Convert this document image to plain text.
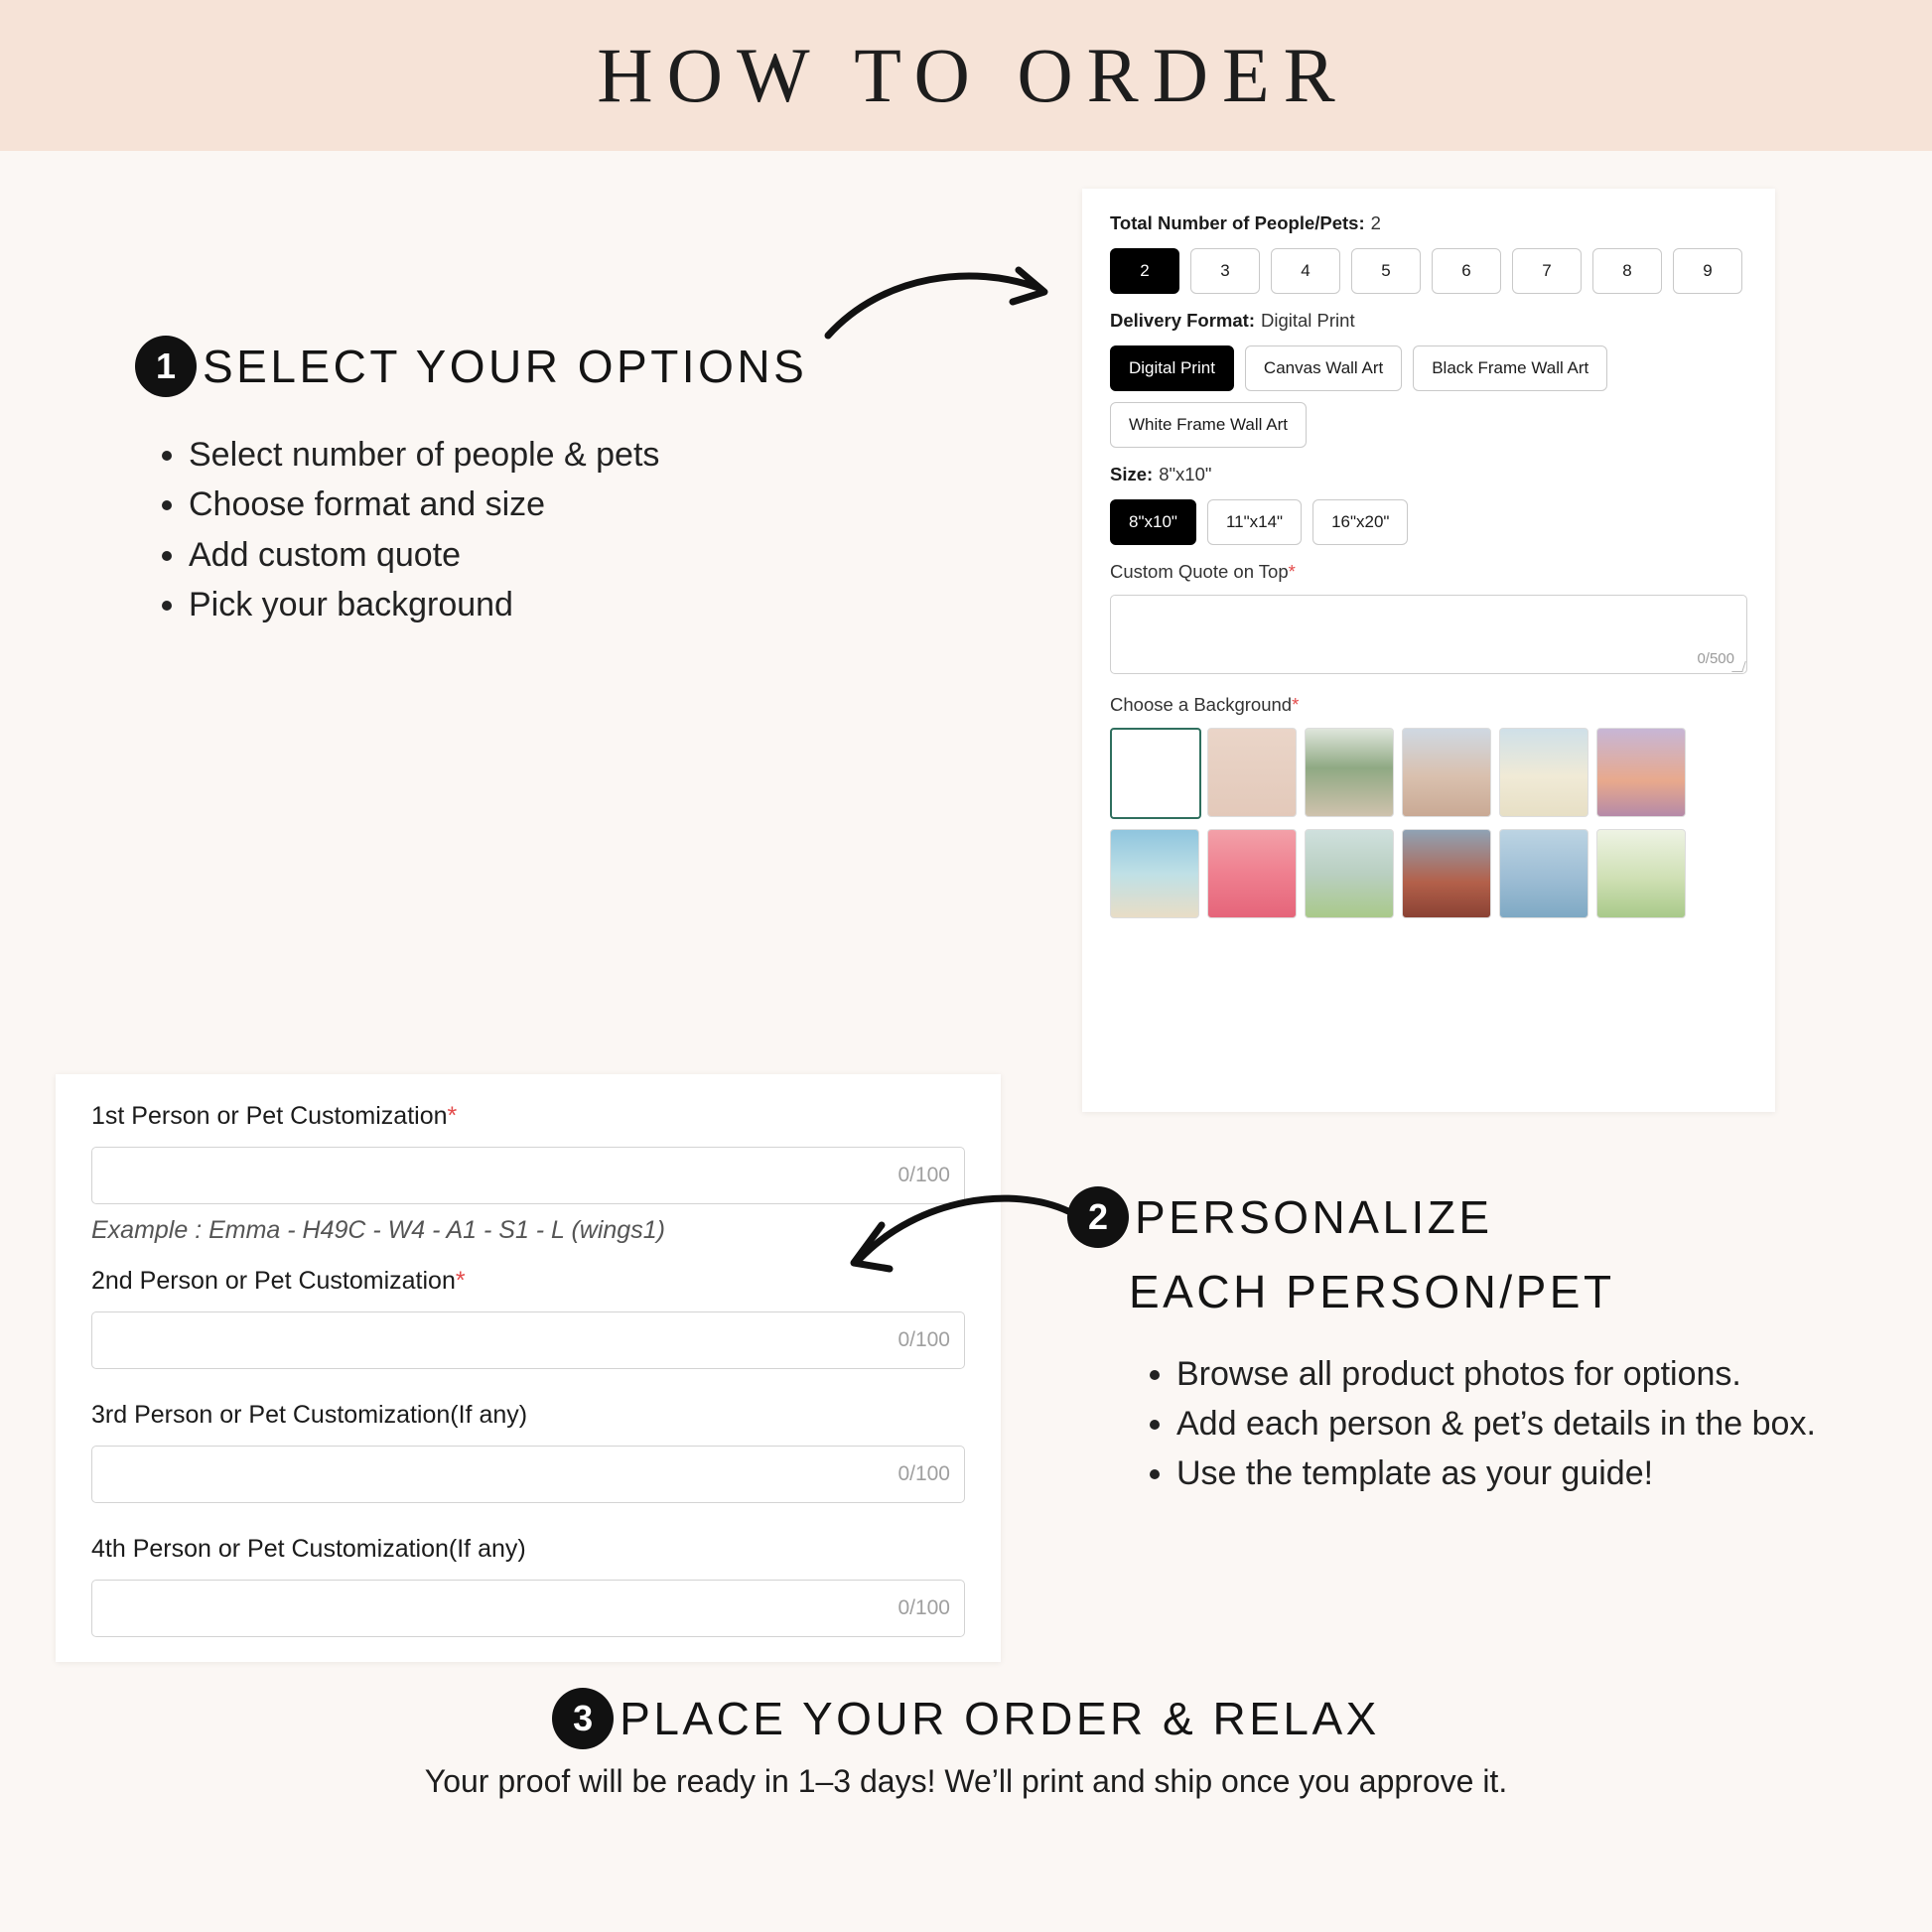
HOW TO ORDER
1 SELECT YOUR OPTIONS
• Select number of people & pets
• Choose format and size
• Add custom quote
• Pick your background
Total Number of People/Pets: 2
2	3	4	5	6	7	8	9
Delivery Format: Digital Print
Digital Print	Canvas Wall Art	Black Frame Wall Art
White Frame Wall Art
Size: 8"x10"
8"x10"	11"x14"	16"x20"
Custom Quote on Top*
0/500
Choose a Background*
1st Person or Pet Customization*
0/100
Example : Emma - H49C - W4 - A1 - S1 - L (wings1)
2nd Person or Pet Customization*
0/100
3rd Person or Pet Customization(If any)
0/100
4th Person or Pet Customization(If any)
0/100
2 PERSONALIZE
EACH PERSON/PET
• Browse all product photos for options.
• Add each person & pet’s details in the box.
• Use the template as your guide!
3 PLACE YOUR ORDER & RELAX
Your proof will be ready in 1–3 days! We’ll print and ship once you approve it.
